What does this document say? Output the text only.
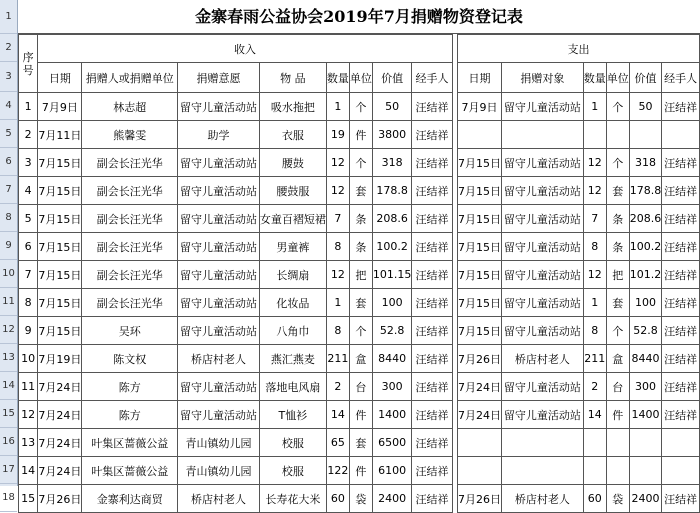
1
2
3
4
5
6
7
8
9
10
11
12
13
14
15
16
17
18
金寨春雨公益协会2019年7月捐赠物资登记表
序号	收入									支出					
	日期	捐赠人或捐赠单位	捐赠意愿	物 品	数量	单位	价值	经手人		日期	捐赠对象	数量	单位	价值	经手人
1	7月9日	林志超	留守儿童活动站	吸水拖把	1	个	50	汪结祥		7月9日	留守儿童活动站	1	个	50	汪结祥
2	7月11日	熊馨雯	助学	衣服	19	件	3800	汪结祥							
3	7月15日	副会长汪光华	留守儿童活动站	腰鼓	12	个	318	汪结祥		7月15日	留守儿童活动站	12	个	318	汪结祥
4	7月15日	副会长汪光华	留守儿童活动站	腰鼓服	12	套	178.8	汪结祥		7月15日	留守儿童活动站	12	套	178.8	汪结祥
5	7月15日	副会长汪光华	留守儿童活动站	女童百褶短裙	7	条	208.6	汪结祥		7月15日	留守儿童活动站	7	条	208.6	汪结祥
6	7月15日	副会长汪光华	留守儿童活动站	男童裤	8	条	100.2	汪结祥		7月15日	留守儿童活动站	8	条	100.2	汪结祥
7	7月15日	副会长汪光华	留守儿童活动站	长绸扇	12	把	101.15	汪结祥		7月15日	留守儿童活动站	12	把	101.2	汪结祥
8	7月15日	副会长汪光华	留守儿童活动站	化妆品	1	套	100	汪结祥		7月15日	留守儿童活动站	1	套	100	汪结祥
9	7月15日	吴环	留守儿童活动站	八角巾	8	个	52.8	汪结祥		7月15日	留守儿童活动站	8	个	52.8	汪结祥
10	7月19日	陈文权	桥店村老人	燕汇燕麦	211	盒	8440	汪结祥		7月26日	桥店村老人	211	盒	8440	汪结祥
11	7月24日	陈方	留守儿童活动站	落地电风扇	2	台	300	汪结祥		7月24日	留守儿童活动站	2	台	300	汪结祥
12	7月24日	陈方	留守儿童活动站	T恤衫	14	件	1400	汪结祥		7月24日	留守儿童活动站	14	件	1400	汪结祥
13	7月24日	叶集区蔷薇公益	青山镇幼儿园	校服	65	套	6500	汪结祥							
14	7月24日	叶集区蔷薇公益	青山镇幼儿园	校服	122	件	6100	汪结祥							
15	7月26日	金寨利达商贸	桥店村老人	长寿花大米	60	袋	2400	汪结祥		7月26日	桥店村老人	60	袋	2400	汪结祥
